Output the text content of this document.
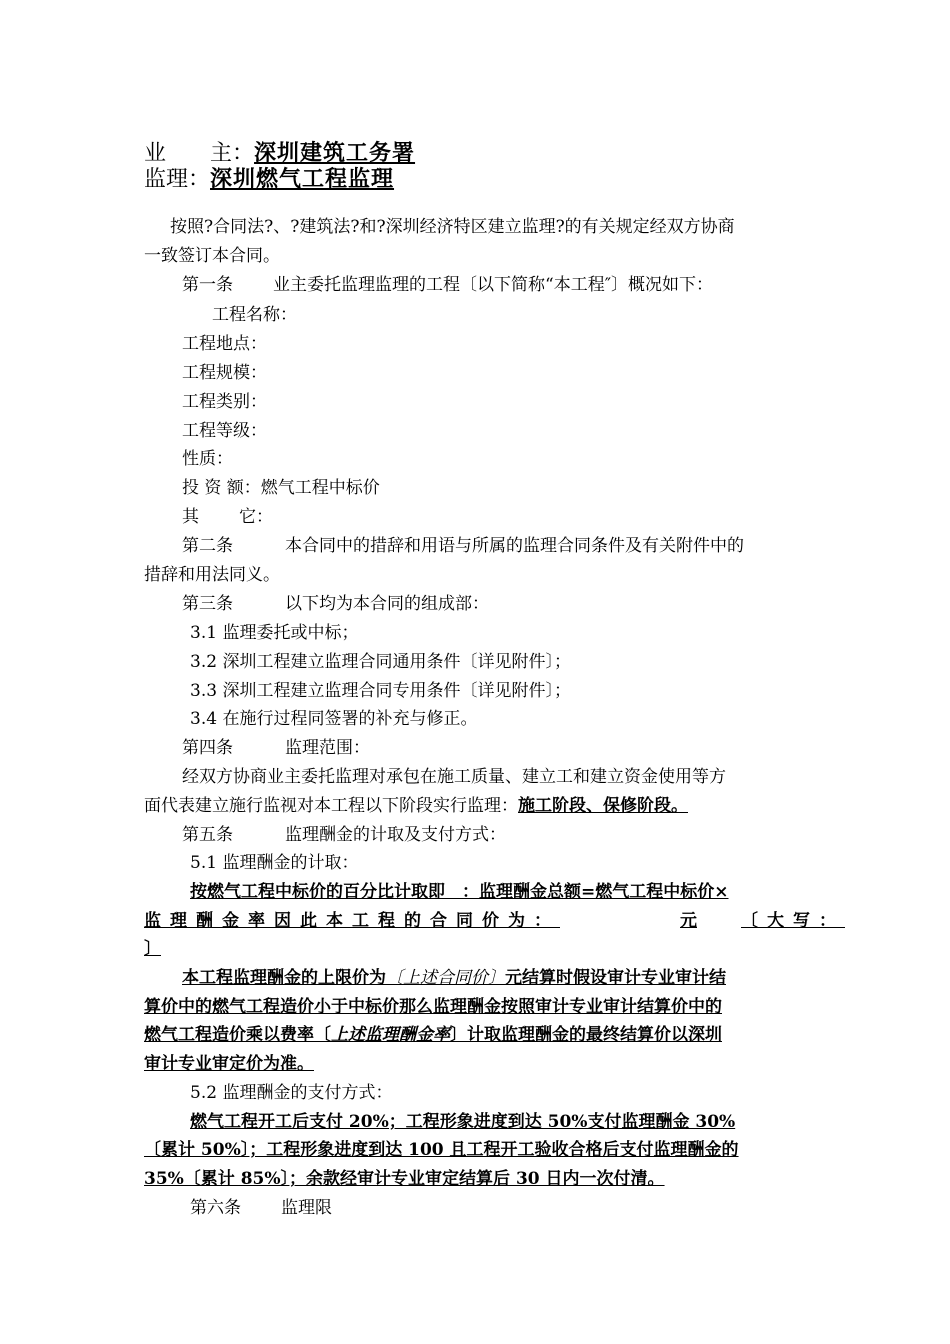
业 主：深圳建筑工务署
监理：深圳燃气工程监理
按照?合同法?、?建筑法?和?深圳经济特区建立监理?的有关规定经双方协商
一致签订本合同。
第一条 业主委托监理监理的工程〔以下简称“本工程″〕概况如下：
工程名称：
工程地点：
工程规模：
工程类别：
工程等级：
性质：
投 资 额：燃气工程中标价
其 它：
第二条	本合同中的措辞和用语与所属的监理合同条件及有关附件中的
措辞和用法同义。
第三条	以下均为本合同的组成部：
3.1 监理委托或中标；
3.2 深圳工程建立监理合同通用条件〔详见附件〕；
3.3 深圳工程建立监理合同专用条件〔详见附件〕；
3.4 在施行过程同签署的补充与修正。
第四条	监理范围：
经双方协商业主委托监理对承包在施工质量、建立工和建立资金使用等方
面代表建立施行监视对本工程以下阶段实行监理：施工阶段、保修阶段。
第五条	监理酬金的计取及支付方式：
5.1 监理酬金的计取：
按燃气工程中标价的百分比计取即　：监理酬金总额=燃气工程中标价×
监理酬金率因此本工程的合同价为：	元	〔大写：
〕
本工程监理酬金的上限价为〔上述合同价〕元结算时假设审计专业审计结
算价中的燃气工程造价小于中标价那么监理酬金按照审计专业审计结算价中的
燃气工程造价乘以费率〔上述监理酬金率〕计取监理酬金的最终结算价以深圳
审计专业审定价为准。
5.2 监理酬金的支付方式：
燃气工程开工后支付 20%；工程形象进度到达 50%支付监理酬金 30%
〔累计 50%〕；工程形象进度到达 100 且工程开工验收合格后支付监理酬金的
35%〔累计 85%〕；余款经审计专业审定结算后 30 日内一次付清。
第六条 监理限
